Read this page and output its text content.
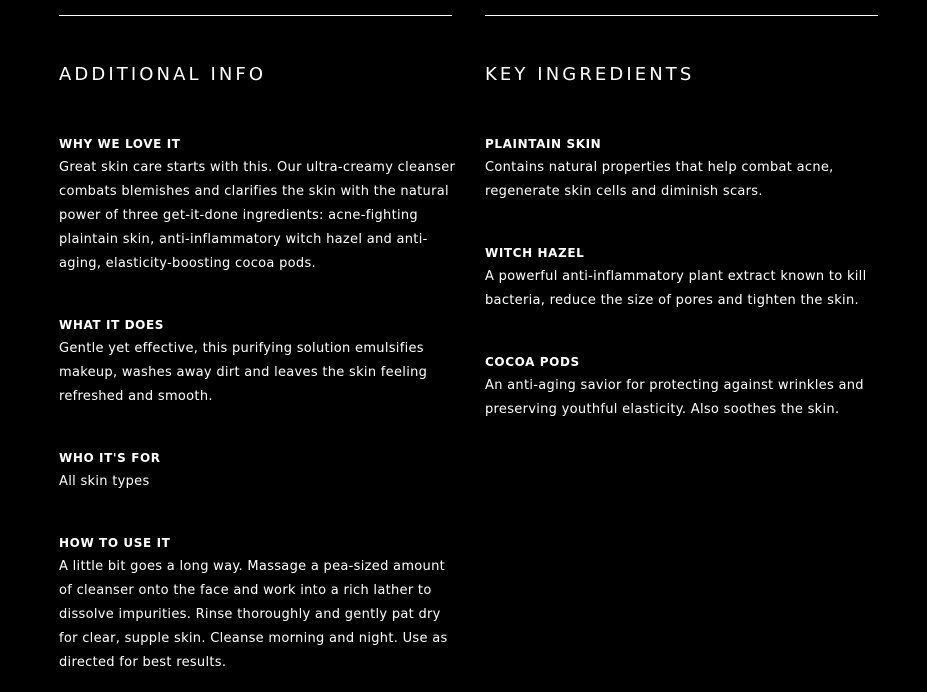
ADDITIONAL INFO
WHY WE LOVE IT

Great skin care starts with this. Our ultra-creamy cleanser
combats blemishes and clarifies the skin with the natural
power of three get-it-done ingredients: acne-fighting
plaintain skin, anti-inflammatory witch hazel and anti-
aging, elasticity-boosting cocoa pods.

WHAT IT DOES

Gentle yet effective, this purifying solution emulsifies
makeup, washes away dirt and leaves the skin feeling
refreshed and smooth.

WHO IT'S FOR

All skin types

HOW TO USE IT

A little bit goes a long way. Massage a pea-sized amount
of cleanser onto the face and work into a rich lather to
dissolve impurities. Rinse thoroughly and gently pat dry
for clear, supple skin. Cleanse morning and night. Use as
directed for best results.

KEY INGREDIENTS
PLAINTAIN SKIN

Contains natural properties that help combat acne,
regenerate skin cells and diminish scars.

WITCH HAZEL

A powerful anti-inflammatory plant extract known to kill
bacteria, reduce the size of pores and tighten the skin.

COCOA PODS

An anti-aging savior for protecting against wrinkles and
preserving youthful elasticity. Also soothes the skin.
